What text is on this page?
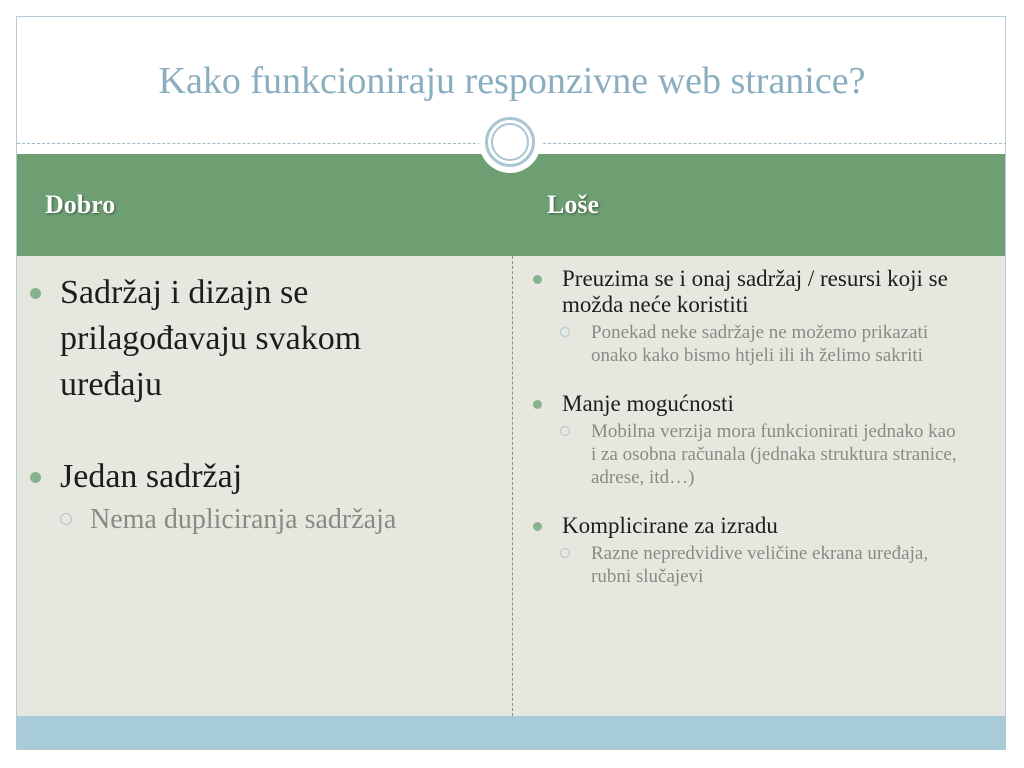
Kako funkcioniraju responzivne web stranice?
Dobro	Loše
Sadržaj i dizajn se prilagođavaju svakom uređaju
Jedan sadržaj
Nema dupliciranja sadržaja
Preuzima se i onaj sadržaj / resursi koji se možda neće koristiti
Ponekad neke sadržaje ne možemo prikazati onako kako bismo htjeli ili ih želimo sakriti
Manje mogućnosti
Mobilna verzija mora funkcionirati jednako kao i za osobna računala (jednaka struktura stranice, adrese, itd…)
Komplicirane za izradu
Razne nepredvidive veličine ekrana uređaja, rubni slučajevi
